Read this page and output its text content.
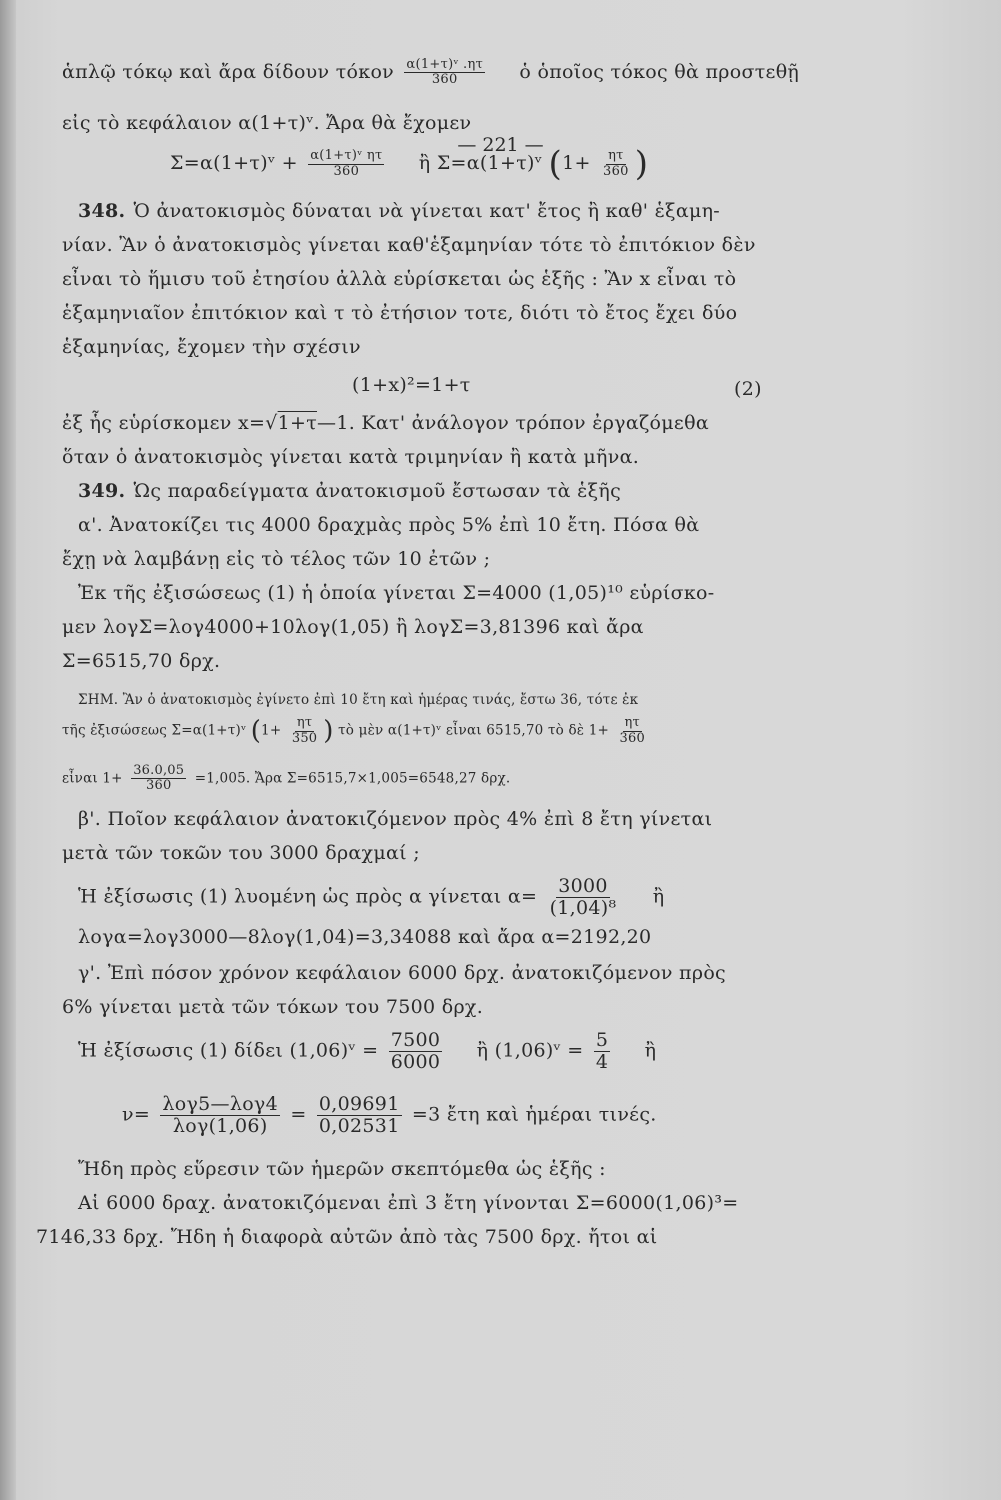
— 221 —
ἁπλῷ τόκῳ καὶ ἄρα δίδουν τόκον $\frac{\text{α(1+τ)ᵛ .ητ}}{360}$ ὁ ὁποῖος τόκος θὰ προστεθῇ
εἰς τὸ κεφάλαιον α(1+τ)ᵛ. Ἄρα θὰ ἔχομεν
Σ=α(1+τ)ᵛ + $\frac{\text{α(1+τ)ᵛ ητ}}{360}$ ἢ Σ=α(1+τ)ᵛ ($1+ \frac{\eta\tau}{360}$ )
348. Ὁ ἀνατοκισμὸς δύναται νὰ γίνεται κατ' ἔτος ἢ καθ' ἑξαμη-
νίαν. Ἂν ὁ ἀνατοκισμὸς γίνεται καθ'ἑξαμηνίαν τότε τὸ ἐπιτόκιον δὲν
εἶναι τὸ ἥμισυ τοῦ ἐτησίου ἀλλὰ εὑρίσκεται ὡς ἑξῆς : Ἂν x εἶναι τὸ
ἑξαμηνιαῖον ἐπιτόκιον καὶ τ τὸ ἐτήσιον τοτε, διότι τὸ ἔτος ἔχει δύο
ἑξαμηνίας, ἔχομεν τὴν σχέσιν
(1+x)²=1+τ	(2)
ἐξ ἧς εὑρίσκομεν x=√1+τ—1. Κατ' ἀνάλογον τρόπον ἐργαζόμεθα
ὅταν ὁ ἀνατοκισμὸς γίνεται κατὰ τριμηνίαν ἢ κατὰ μῆνα.
349. Ὡς παραδείγματα ἀνατοκισμοῦ ἔστωσαν τὰ ἑξῆς
α'. Ἀνατοκίζει τις 4000 δραχμὰς πρὸς 5% ἐπὶ 10 ἔτη. Πόσα θὰ
ἔχῃ νὰ λαμβάνῃ εἰς τὸ τέλος τῶν 10 ἐτῶν ;
Ἐκ τῆς ἐξισώσεως (1) ἡ ὁποία γίνεται Σ=4000 (1,05)¹⁰ εὑρίσκο-
μεν λογΣ=λογ4000+10λογ(1,05) ἢ λογΣ=3,81396 καὶ ἄρα
Σ=6515,70 δρχ.
ΣΗΜ. Ἂν ὁ ἀνατοκισμὸς ἐγίνετο ἐπὶ 10 ἔτη καὶ ἡμέρας τινάς, ἔστω 36, τότε ἐκ
τῆς ἐξισώσεως Σ=α(1+τ)ᵛ ($1+ \frac{\eta\tau}{350}$ ) τὸ μὲν α(1+τ)ᵛ εἶναι 6515,70 τὸ δὲ $1+ \frac{\eta\tau}{360}$
εἶναι $1+ \frac{36.0,05}{360} =1,005$. Ἄρα Σ=6515,7×1,005=6548,27 δρχ.
β'. Ποῖον κεφάλαιον ἀνατοκιζόμενον πρὸς 4% ἐπὶ 8 ἔτη γίνεται
μετὰ τῶν τοκῶν του 3000 δραχμαί ;
Ἡ ἐξίσωσις (1) λυομένη ὡς πρὸς α γίνεται $\alpha= \frac{3000}{\text{(1,04)⁸}}$ ἢ
λογα=λογ3000—8λογ(1,04)=3,34088 καὶ ἄρα α=2192,20
γ'. Ἐπὶ πόσον χρόνον κεφάλαιον 6000 δρχ. ἀνατοκιζόμενον πρὸς
6% γίνεται μετὰ τῶν τόκων του 7500 δρχ.
Ἡ ἐξίσωσις (1) δίδει (1,06)ᵛ = $\frac{7500}{6000}$ ἢ (1,06)ᵛ = $\frac{5}{4}$ ἢ
$\nu= \frac{\text{λογ5—λογ4}}{\text{λογ(1,06)}} = \frac{0,09691}{0,02531} =3$ ἔτη καὶ ἡμέραι τινές.
Ἤδη πρὸς εὕρεσιν τῶν ἡμερῶν σκεπτόμεθα ὡς ἑξῆς :
Αἱ 6000 δραχ. ἀνατοκιζόμεναι ἐπὶ 3 ἔτη γίνονται Σ=6000(1,06)³=
7146,33 δρχ. Ἤδη ἡ διαφορὰ αὐτῶν ἀπὸ τὰς 7500 δρχ. ἤτοι αἱ
